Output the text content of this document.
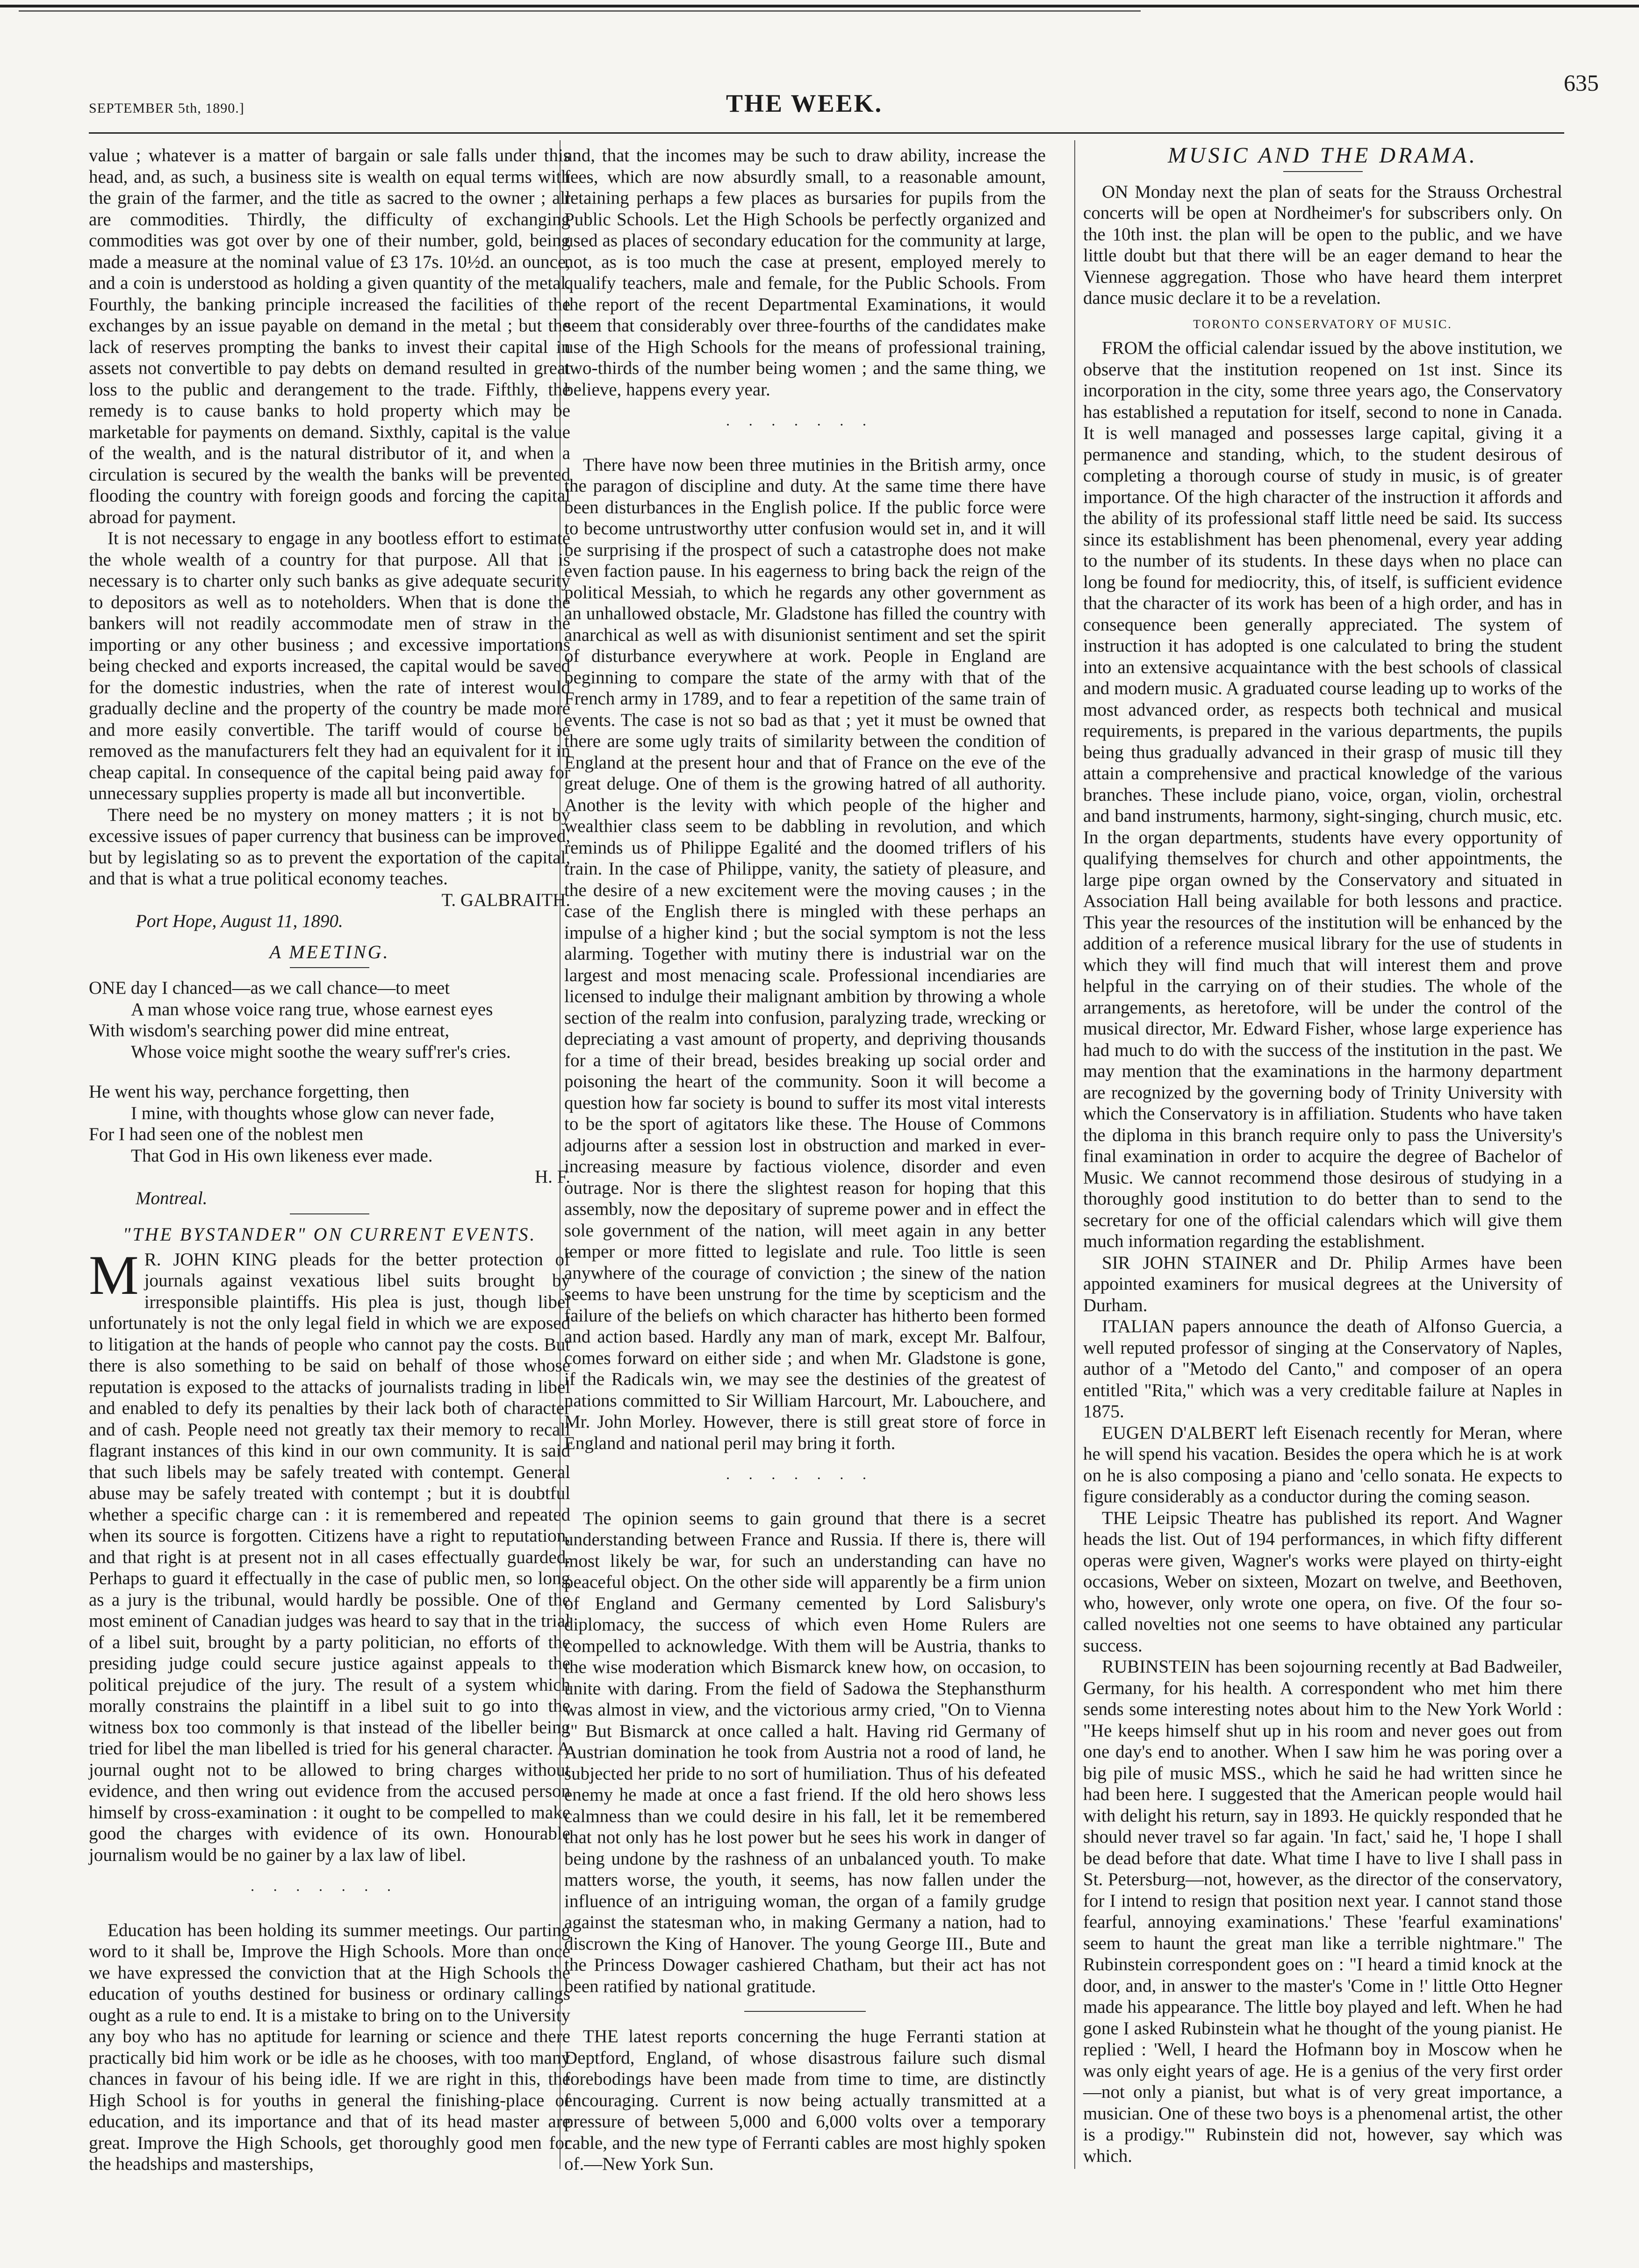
SEPTEMBER 5th, 1890.]	THE WEEK.
635

value ; whatever is a matter of bargain or sale falls under this head, and, as such, a business site is wealth on equal terms with the grain of the farmer, and the title as sacred to the owner ; all are commodities. Thirdly, the difficulty of exchanging commodities was got over by one of their number, gold, being made a measure at the nominal value of £3 17s. 10½d. an ounce, and a coin is understood as holding a given quantity of the metal. Fourthly, the banking principle increased the facilities of the exchanges by an issue payable on demand in the metal ; but the lack of reserves prompting the banks to invest their capital in assets not convertible to pay debts on demand resulted in great loss to the public and derangement to the trade. Fifthly, the remedy is to cause banks to hold property which may be marketable for payments on demand. Sixthly, capital is the value of the wealth, and is the natural distributor of it, and when a circulation is secured by the wealth the banks will be prevented flooding the country with foreign goods and forcing the capital abroad for payment.

It is not necessary to engage in any bootless effort to estimate the whole wealth of a country for that purpose. All that is necessary is to charter only such banks as give adequate security to depositors as well as to noteholders. When that is done the bankers will not readily accommodate men of straw in the importing or any other business ; and excessive importations being checked and exports increased, the capital would be saved for the domestic industries, when the rate of interest would gradually decline and the property of the country be made more and more easily convertible. The tariff would of course be removed as the manufacturers felt they had an equivalent for it in cheap capital. In consequence of the capital being paid away for unnecessary supplies property is made all but inconvertible.

There need be no mystery on money matters ; it is not by excessive issues of paper currency that business can be improved, but by legislating so as to prevent the exportation of the capital, and that is what a true political economy teaches.

T. GALBRAITH.

Port Hope, August 11, 1890.

A MEETING.
ONE day I chanced—as we call chance—to meet
A man whose voice rang true, whose earnest eyes
With wisdom's searching power did mine entreat,
Whose voice might soothe the weary suff'rer's cries.
He went his way, perchance forgetting, then
I mine, with thoughts whose glow can never fade,
For I had seen one of the noblest men
That God in His own likeness ever made.

H. F.

Montreal.

"THE BYSTANDER" ON CURRENT EVENTS.

M R. JOHN KING pleads for the better protection of journals against vexatious libel suits brought by irresponsible plaintiffs. His plea is just, though libel unfortunately is not the only legal field in which we are exposed to litigation at the hands of people who cannot pay the costs. But there is also something to be said on behalf of those whose reputation is exposed to the attacks of journalists trading in libel and enabled to defy its penalties by their lack both of character and of cash. People need not greatly tax their memory to recall flagrant instances of this kind in our own community. It is said that such libels may be safely treated with contempt. General abuse may be safely treated with contempt ; but it is doubtful whether a specific charge can : it is remembered and repeated when its source is forgotten. Citizens have a right to reputation, and that right is at present not in all cases effectually guarded. Perhaps to guard it effectually in the case of public men, so long as a jury is the tribunal, would hardly be possible. One of the most eminent of Canadian judges was heard to say that in the trial of a libel suit, brought by a party politician, no efforts of the presiding judge could secure justice against appeals to the political prejudice of the jury. The result of a system which morally constrains the plaintiff in a libel suit to go into the witness box too commonly is that instead of the libeller being tried for libel the man libelled is tried for his general character. A journal ought not to be allowed to bring charges without evidence, and then wring out evidence from the accused person himself by cross-examination : it ought to be compelled to make good the charges with evidence of its own. Honourable journalism would be no gainer by a lax law of libel.

·······

Education has been holding its summer meetings. Our parting word to it shall be, Improve the High Schools. More than once we have expressed the conviction that at the High Schools the education of youths destined for business or ordinary callings ought as a rule to end. It is a mistake to bring on to the University any boy who has no aptitude for learning or science and there practically bid him work or be idle as he chooses, with too many chances in favour of his being idle. If we are right in this, the High School is for youths in general the finishing-place of education, and its importance and that of its head master are great. Improve the High Schools, get thoroughly good men for the headships and masterships,

and, that the incomes may be such to draw ability, increase the fees, which are now absurdly small, to a reasonable amount, retaining perhaps a few places as bursaries for pupils from the Public Schools. Let the High Schools be perfectly organized and used as places of secondary education for the community at large, not, as is too much the case at present, employed merely to qualify teachers, male and female, for the Public Schools. From the report of the recent Departmental Examinations, it would seem that considerably over three-fourths of the candidates make use of the High Schools for the means of professional training, two-thirds of the number being women ; and the same thing, we believe, happens every year.

·······

There have now been three mutinies in the British army, once the paragon of discipline and duty. At the same time there have been disturbances in the English police. If the public force were to become untrustworthy utter confusion would set in, and it will be surprising if the prospect of such a catastrophe does not make even faction pause. In his eagerness to bring back the reign of the political Messiah, to which he regards any other government as an unhallowed obstacle, Mr. Gladstone has filled the country with anarchical as well as with disunionist sentiment and set the spirit of disturbance everywhere at work. People in England are beginning to compare the state of the army with that of the French army in 1789, and to fear a repetition of the same train of events. The case is not so bad as that ; yet it must be owned that there are some ugly traits of similarity between the condition of England at the present hour and that of France on the eve of the great deluge. One of them is the growing hatred of all authority. Another is the levity with which people of the higher and wealthier class seem to be dabbling in revolution, and which reminds us of Philippe Egalité and the doomed triflers of his train. In the case of Philippe, vanity, the satiety of pleasure, and the desire of a new excitement were the moving causes ; in the case of the English there is mingled with these perhaps an impulse of a higher kind ; but the social symptom is not the less alarming. Together with mutiny there is industrial war on the largest and most menacing scale. Professional incendiaries are licensed to indulge their malignant ambition by throwing a whole section of the realm into confusion, paralyzing trade, wrecking or depreciating a vast amount of property, and depriving thousands for a time of their bread, besides breaking up social order and poisoning the heart of the community. Soon it will become a question how far society is bound to suffer its most vital interests to be the sport of agitators like these. The House of Commons adjourns after a session lost in obstruction and marked in ever-increasing measure by factious violence, disorder and even outrage. Nor is there the slightest reason for hoping that this assembly, now the depositary of supreme power and in effect the sole government of the nation, will meet again in any better temper or more fitted to legislate and rule. Too little is seen anywhere of the courage of conviction ; the sinew of the nation seems to have been unstrung for the time by scepticism and the failure of the beliefs on which character has hitherto been formed and action based. Hardly any man of mark, except Mr. Balfour, comes forward on either side ; and when Mr. Gladstone is gone, if the Radicals win, we may see the destinies of the greatest of nations committed to Sir William Harcourt, Mr. Labouchere, and Mr. John Morley. However, there is still great store of force in England and national peril may bring it forth.

·······

The opinion seems to gain ground that there is a secret understanding between France and Russia. If there is, there will most likely be war, for such an understanding can have no peaceful object. On the other side will apparently be a firm union of England and Germany cemented by Lord Salisbury's diplomacy, the success of which even Home Rulers are compelled to acknowledge. With them will be Austria, thanks to the wise moderation which Bismarck knew how, on occasion, to unite with daring. From the field of Sadowa the Stephansthurm was almost in view, and the victorious army cried, "On to Vienna !" But Bismarck at once called a halt. Having rid Germany of Austrian domination he took from Austria not a rood of land, he subjected her pride to no sort of humiliation. Thus of his defeated enemy he made at once a fast friend. If the old hero shows less calmness than we could desire in his fall, let it be remembered that not only has he lost power but he sees his work in danger of being undone by the rashness of an unbalanced youth. To make matters worse, the youth, it seems, has now fallen under the influence of an intriguing woman, the organ of a family grudge against the statesman who, in making Germany a nation, had to discrown the King of Hanover. The young George III., Bute and the Princess Dowager cashiered Chatham, but their act has not been ratified by national gratitude.

THE latest reports concerning the huge Ferranti station at Deptford, England, of whose disastrous failure such dismal forebodings have been made from time to time, are distinctly encouraging. Current is now being actually transmitted at a pressure of between 5,000 and 6,000 volts over a temporary cable, and the new type of Ferranti cables are most highly spoken of.—New York Sun.

MUSIC AND THE DRAMA.

ON Monday next the plan of seats for the Strauss Orchestral concerts will be open at Nordheimer's for subscribers only. On the 10th inst. the plan will be open to the public, and we have little doubt but that there will be an eager demand to hear the Viennese aggregation. Those who have heard them interpret dance music declare it to be a revelation.

TORONTO CONSERVATORY OF MUSIC.

FROM the official calendar issued by the above institution, we observe that the institution reopened on 1st inst. Since its incorporation in the city, some three years ago, the Conservatory has established a reputation for itself, second to none in Canada. It is well managed and possesses large capital, giving it a permanence and standing, which, to the student desirous of completing a thorough course of study in music, is of greater importance. Of the high character of the instruction it affords and the ability of its professional staff little need be said. Its success since its establishment has been phenomenal, every year adding to the number of its students. In these days when no place can long be found for mediocrity, this, of itself, is sufficient evidence that the character of its work has been of a high order, and has in consequence been generally appreciated. The system of instruction it has adopted is one calculated to bring the student into an extensive acquaintance with the best schools of classical and modern music. A graduated course leading up to works of the most advanced order, as respects both technical and musical requirements, is prepared in the various departments, the pupils being thus gradually advanced in their grasp of music till they attain a comprehensive and practical knowledge of the various branches. These include piano, voice, organ, violin, orchestral and band instruments, harmony, sight-singing, church music, etc. In the organ departments, students have every opportunity of qualifying themselves for church and other appointments, the large pipe organ owned by the Conservatory and situated in Association Hall being available for both lessons and practice. This year the resources of the institution will be enhanced by the addition of a reference musical library for the use of students in which they will find much that will interest them and prove helpful in the carrying on of their studies. The whole of the arrangements, as heretofore, will be under the control of the musical director, Mr. Edward Fisher, whose large experience has had much to do with the success of the institution in the past. We may mention that the examinations in the harmony department are recognized by the governing body of Trinity University with which the Conservatory is in affiliation. Students who have taken the diploma in this branch require only to pass the University's final examination in order to acquire the degree of Bachelor of Music. We cannot recommend those desirous of studying in a thoroughly good institution to do better than to send to the secretary for one of the official calendars which will give them much information regarding the establishment.

SIR JOHN STAINER and Dr. Philip Armes have been appointed examiners for musical degrees at the University of Durham.

ITALIAN papers announce the death of Alfonso Guercia, a well reputed professor of singing at the Conservatory of Naples, author of a "Metodo del Canto," and composer of an opera entitled "Rita," which was a very creditable failure at Naples in 1875.

EUGEN D'ALBERT left Eisenach recently for Meran, where he will spend his vacation. Besides the opera which he is at work on he is also composing a piano and 'cello sonata. He expects to figure considerably as a conductor during the coming season.

THE Leipsic Theatre has published its report. And Wagner heads the list. Out of 194 performances, in which fifty different operas were given, Wagner's works were played on thirty-eight occasions, Weber on sixteen, Mozart on twelve, and Beethoven, who, however, only wrote one opera, on five. Of the four so-called novelties not one seems to have obtained any particular success.

RUBINSTEIN has been sojourning recently at Bad Badweiler, Germany, for his health. A correspondent who met him there sends some interesting notes about him to the New York World : "He keeps himself shut up in his room and never goes out from one day's end to another. When I saw him he was poring over a big pile of music MSS., which he said he had written since he had been here. I suggested that the American people would hail with delight his return, say in 1893. He quickly responded that he should never travel so far again. 'In fact,' said he, 'I hope I shall be dead before that date. What time I have to live I shall pass in St. Petersburg—not, however, as the director of the conservatory, for I intend to resign that position next year. I cannot stand those fearful, annoying examinations.' These 'fearful examinations' seem to haunt the great man like a terrible nightmare." The Rubinstein correspondent goes on : "I heard a timid knock at the door, and, in answer to the master's 'Come in !' little Otto Hegner made his appearance. The little boy played and left. When he had gone I asked Rubinstein what he thought of the young pianist. He replied : 'Well, I heard the Hofmann boy in Moscow when he was only eight years of age. He is a genius of the very first order—not only a pianist, but what is of very great importance, a musician. One of these two boys is a phenomenal artist, the other is a prodigy.'" Rubinstein did not, however, say which was which.
